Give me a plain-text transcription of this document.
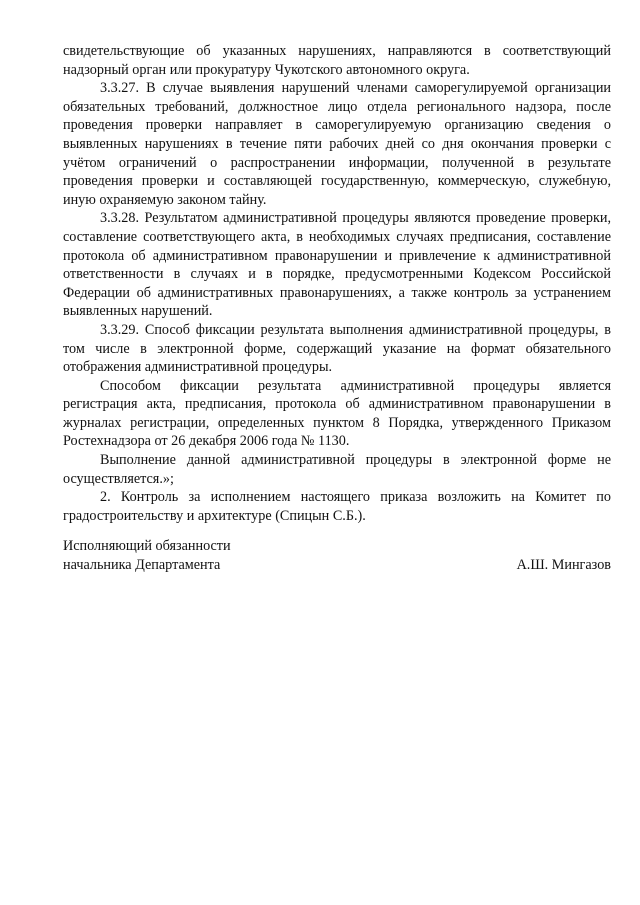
свидетельствующие об указанных нарушениях, направляются в соответствующий надзорный орган или прокуратуру Чукотского автономного округа.

3.3.27. В случае выявления нарушений членами саморегулируемой организации обязательных требований, должностное лицо отдела регионального надзора, после проведения проверки направляет в саморегулируемую организацию сведения о выявленных нарушениях в течение пяти рабочих дней со дня окончания проверки с учётом ограничений о распространении информации, полученной в результате проведения проверки и составляющей государственную, коммерческую, служебную, иную охраняемую законом тайну.

3.3.28. Результатом административной процедуры являются проведение проверки, составление соответствующего акта, в необходимых случаях предписания, составление протокола об административном правонарушении и привлечение к административной ответственности в случаях и в порядке, предусмотренными Кодексом Российской Федерации об административных правонарушениях, а также контроль за устранением выявленных нарушений.

3.3.29. Способ фиксации результата выполнения административной процедуры, в том числе в электронной форме, содержащий указание на формат обязательного отображения административной процедуры.

Способом фиксации результата административной процедуры является регистрация акта, предписания, протокола об административном правонарушении в журналах регистрации, определенных пунктом 8 Порядка, утвержденного Приказом Ростехнадзора от 26 декабря 2006 года № 1130.

Выполнение данной административной процедуры в электронной форме не осуществляется.»;

2. Контроль за исполнением настоящего приказа возложить на Комитет по градостроительству и архитектуре (Спицын С.Б.).

Исполняющий обязанности
начальника Департамента	А.Ш. Мингазов
